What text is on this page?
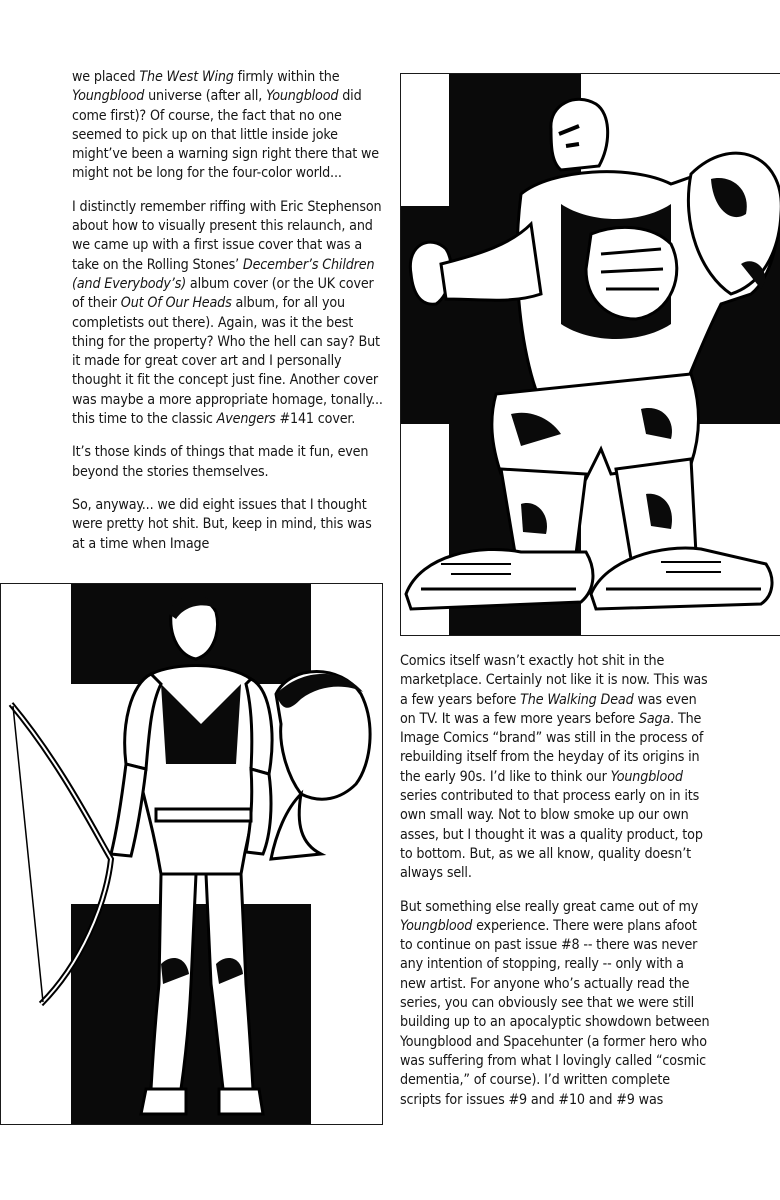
we placed The West Wing firmly within the Youngblood universe (after all, Youngblood did come first)? Of course, the fact that no one seemed to pick up on that little inside joke might’ve been a warning sign right there that we might not be long for the four-color world...

I distinctly remember riffing with Eric Stephenson about how to visually present this relaunch, and we came up with a first issue cover that was a take on the Rolling Stones’ December’s Children (and Everybody’s) album cover (or the UK cover of their Out Of Our Heads album, for all you completists out there). Again, was it the best thing for the property? Who the hell can say? But it made for great cover art and I personally thought it fit the concept just fine. Another cover was maybe a more appropriate homage, tonally... this time to the classic Avengers #141 cover.

It’s those kinds of things that made it fun, even beyond the stories themselves.

So, anyway... we did eight issues that I thought were pretty hot shit. But, keep in mind, this was at a time when Image

Comics itself wasn’t exactly hot shit in the marketplace. Certainly not like it is now. This was a few years before The Walking Dead was even on TV. It was a few more years before Saga. The Image Comics “brand” was still in the process of rebuilding itself from the heyday of its origins in the early 90s. I’d like to think our Youngblood series contributed to that process early on in its own small way. Not to blow smoke up our own asses, but I thought it was a quality product, top to bottom. But, as we all know, quality doesn’t always sell.

But something else really great came out of my Youngblood experience. There were plans afoot to continue on past issue #8 -- there was never any intention of stopping, really -- only with a new artist. For anyone who’s actually read the series, you can obviously see that we were still building up to an apocalyptic showdown between Youngblood and Spacehunter (a former hero who was suffering from what I lovingly called “cosmic dementia,” of course). I’d written complete scripts for issues #9 and #10 and #9 was
